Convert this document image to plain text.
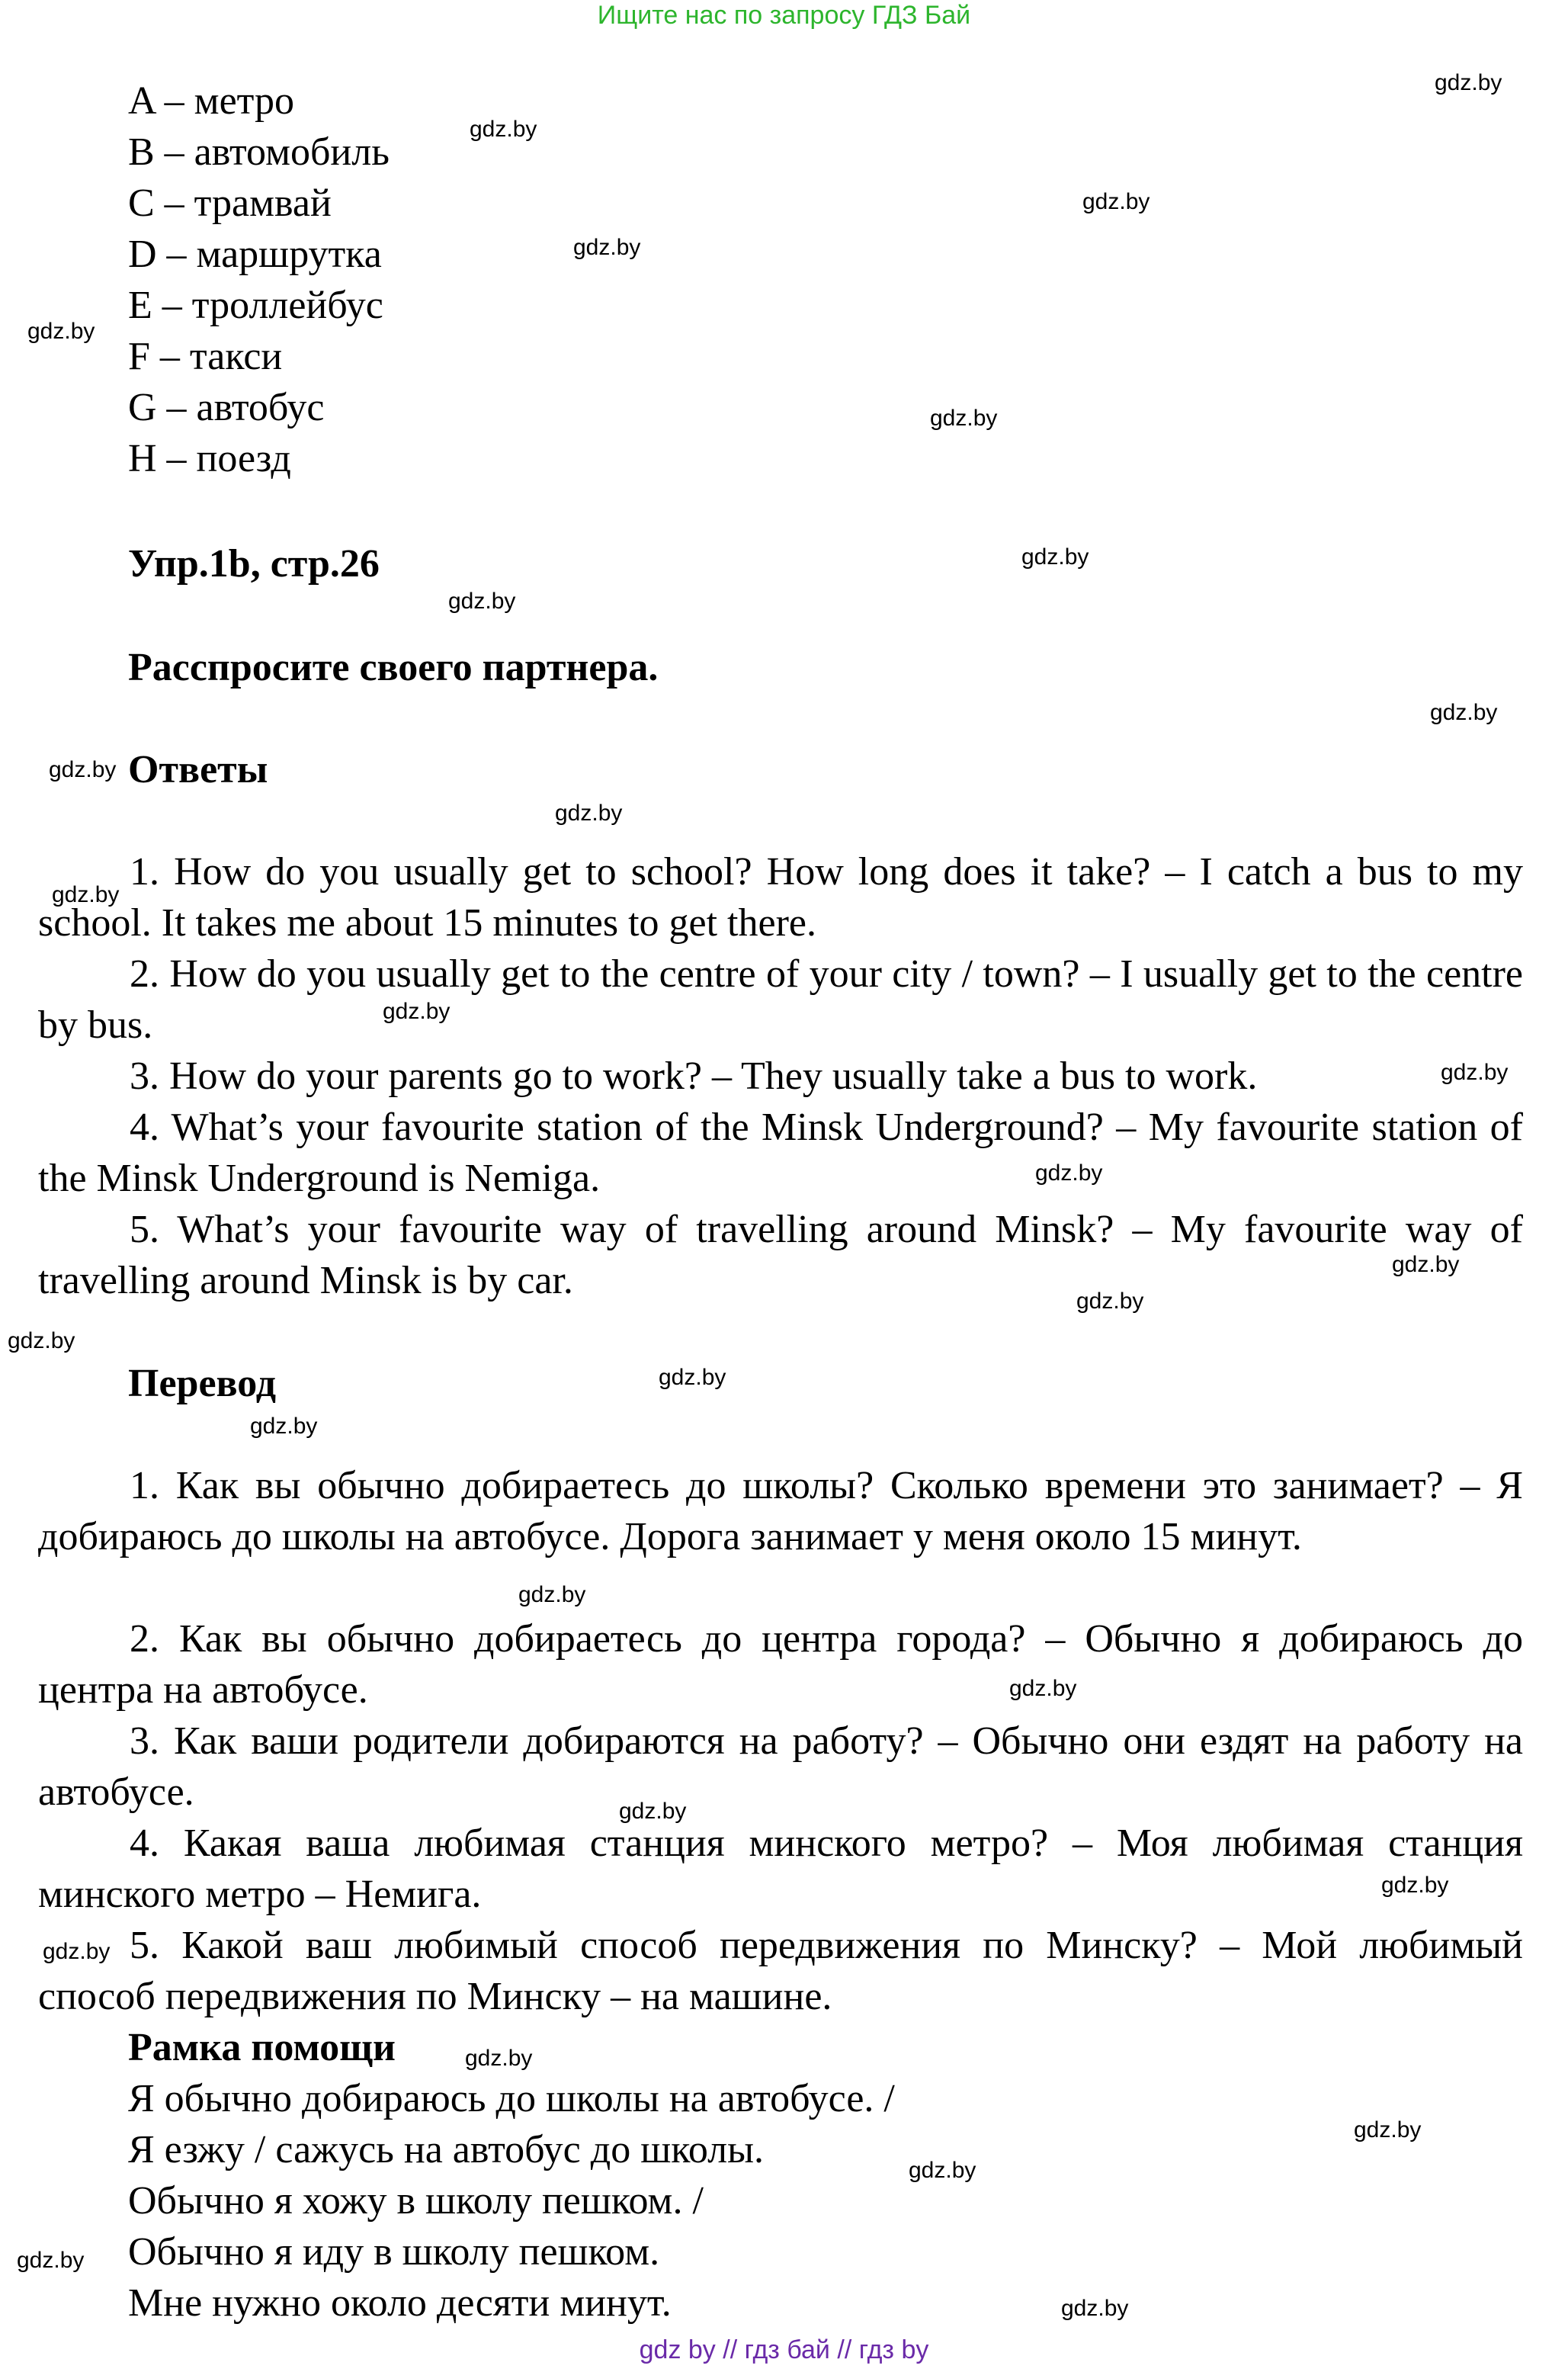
Ищите нас по запросу ГДЗ Бай
A – метро
B – автомобиль
C – трамвай
D – маршрутка
E – троллейбус
F – такси
G – автобус
H – поезд
Упр.1b, стр.26
Расспросите своего партнера.
Ответы
1. How do you usually get to school? How long does it take? – I catch a bus to my school. It takes me about 15 minutes to get there.
2. How do you usually get to the centre of your city / town? – I usually get to the centre by bus.
3. How do your parents go to work? – They usually take a bus to work.
4. What’s your favourite station of the Minsk Underground? – My favourite station of the Minsk Underground is Nemiga.
5. What’s your favourite way of travelling around Minsk? – My favourite way of travelling around Minsk is by car.
Перевод
1. Как вы обычно добираетесь до школы? Сколько времени это занимает? – Я добираюсь до школы на автобусе. Дорога занимает у меня около 15 минут.
2. Как вы обычно добираетесь до центра города? – Обычно я добираюсь до центра на автобусе.
3. Как ваши родители добираются на работу? – Обычно они ездят на работу на автобусе.
4. Какая ваша любимая станция минского метро? – Моя любимая станция минского метро – Немига.
5. Какой ваш любимый способ передвижения по Минску? – Мой любимый способ передвижения по Минску – на машине.
Рамка помощи
Я обычно добираюсь до школы на автобусе. /
Я езжу / сажусь на автобус до школы.
Обычно я хожу в школу пешком. /
Обычно я иду в школу пешком.
Мне нужно около десяти минут.
gdz.by
gdz.by
gdz.by
gdz.by
gdz.by
gdz.by
gdz.by
gdz.by
gdz.by
gdz.by
gdz.by
gdz.by
gdz.by
gdz.by
gdz.by
gdz.by
gdz.by
gdz.by
gdz.by
gdz.by
gdz.by
gdz.by
gdz.by
gdz.by
gdz.by
gdz.by
gdz.by
gdz.by
gdz.by
gdz.by
gdz by // гдз бай // гдз by
